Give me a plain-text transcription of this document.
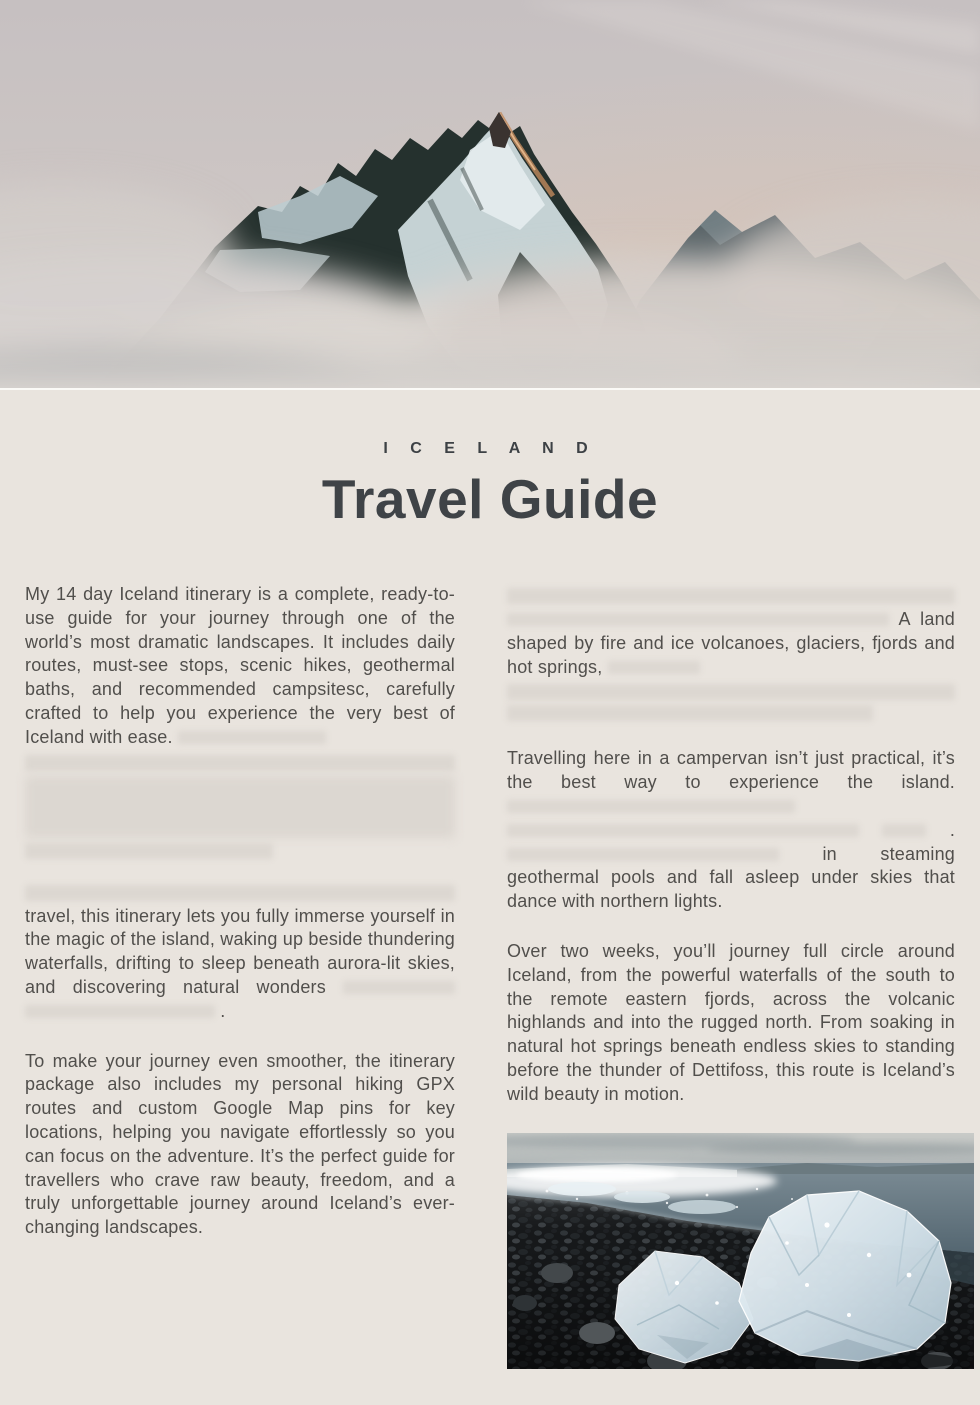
I C E L A N D
Travel Guide

My 14 day Iceland itinerary is a complete, ready-to-use guide for your journey through one of the world’s most dramatic landscapes. It includes daily routes, must-see stops, scenic hikes, geothermal baths, and recommended campsitesc, carefully crafted to help you experience the very best of Iceland with ease.

travel, this itinerary lets you fully immerse yourself in the magic of the island, waking up beside thundering waterfalls, drifting to sleep beneath aurora-lit skies, and discovering natural wonders   .

To make your journey even smoother, the itinerary package also includes my personal hiking GPX routes and custom Google Map pins for key locations, helping you navigate effortlessly so you can focus on the adventure. It’s the perfect guide for travellers who crave raw beauty, freedom, and a truly unforgettable journey around Iceland’s ever-changing landscapes.

A land shaped by fire and ice volcanoes, glaciers, fjords and hot springs,

Travelling here in a campervan isn’t just practical, it’s the best way to experience the island.    .  in steaming geothermal pools and fall asleep under skies that dance with northern lights.

Over two weeks, you’ll journey full circle around Iceland, from the powerful waterfalls of the south to the remote eastern fjords, across the volcanic highlands and into the rugged north. From soaking in natural hot springs beneath endless skies to standing before the thunder of Dettifoss, this route is Iceland’s wild beauty in motion.
